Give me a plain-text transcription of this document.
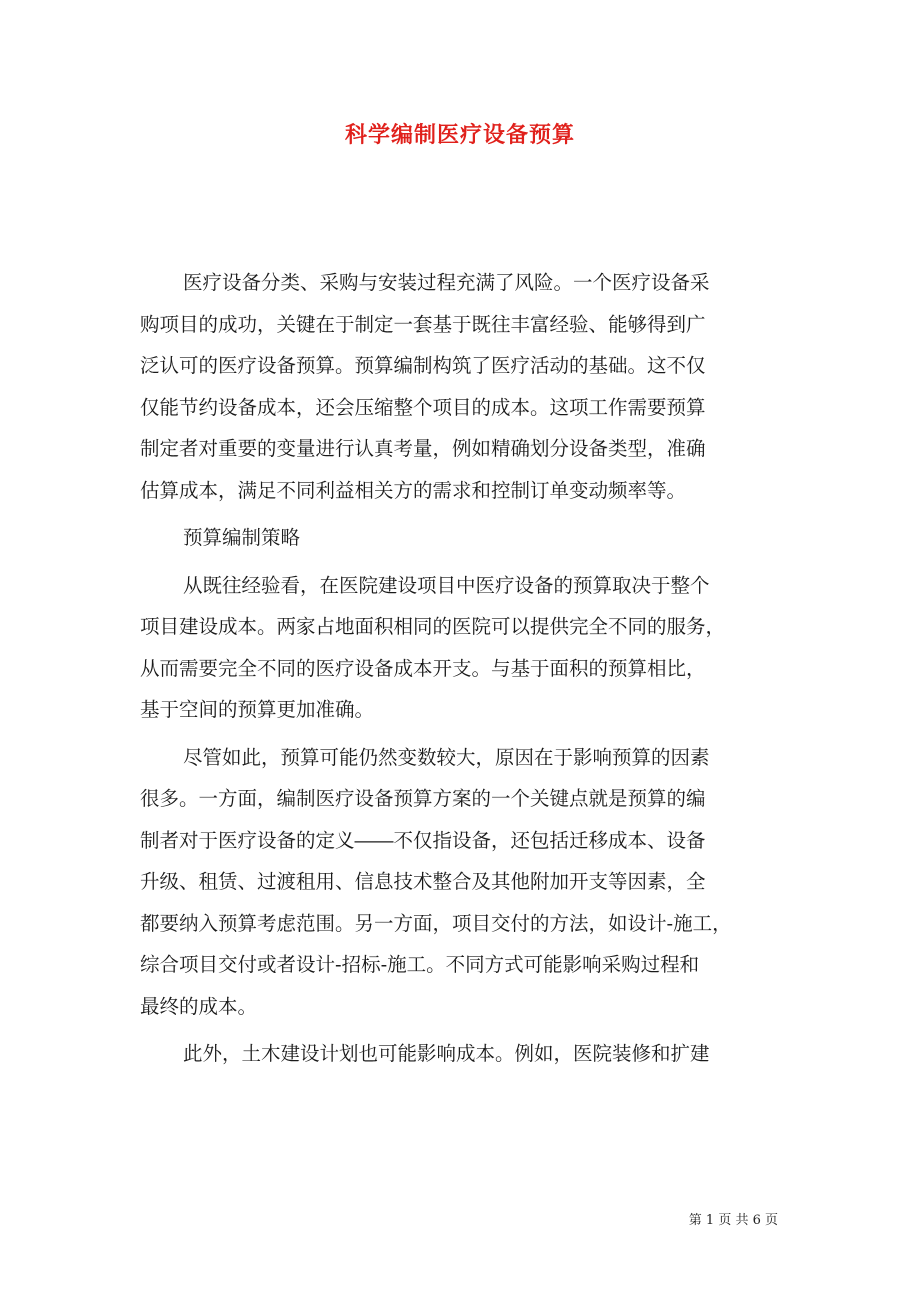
科学编制医疗设备预算
医疗设备分类、采购与安装过程充满了风险。一个医疗设备采
购项目的成功，关键在于制定一套基于既往丰富经验、能够得到广
泛认可的医疗设备预算。预算编制构筑了医疗活动的基础。这不仅
仅能节约设备成本，还会压缩整个项目的成本。这项工作需要预算
制定者对重要的变量进行认真考量，例如精确划分设备类型，准确
估算成本，满足不同利益相关方的需求和控制订单变动频率等。
预算编制策略
从既往经验看，在医院建设项目中医疗设备的预算取决于整个
项目建设成本。两家占地面积相同的医院可以提供完全不同的服务，
从而需要完全不同的医疗设备成本开支。与基于面积的预算相比，
基于空间的预算更加准确。
尽管如此，预算可能仍然变数较大，原因在于影响预算的因素
很多。一方面，编制医疗设备预算方案的一个关键点就是预算的编
制者对于医疗设备的定义――不仅指设备，还包括迁移成本、设备
升级、租赁、过渡租用、信息技术整合及其他附加开支等因素，全
都要纳入预算考虑范围。另一方面，项目交付的方法，如设计-施工，
综合项目交付或者设计-招标-施工。不同方式可能影响采购过程和
最终的成本。
此外，土木建设计划也可能影响成本。例如，医院装修和扩建
第 1 页 共 6 页
